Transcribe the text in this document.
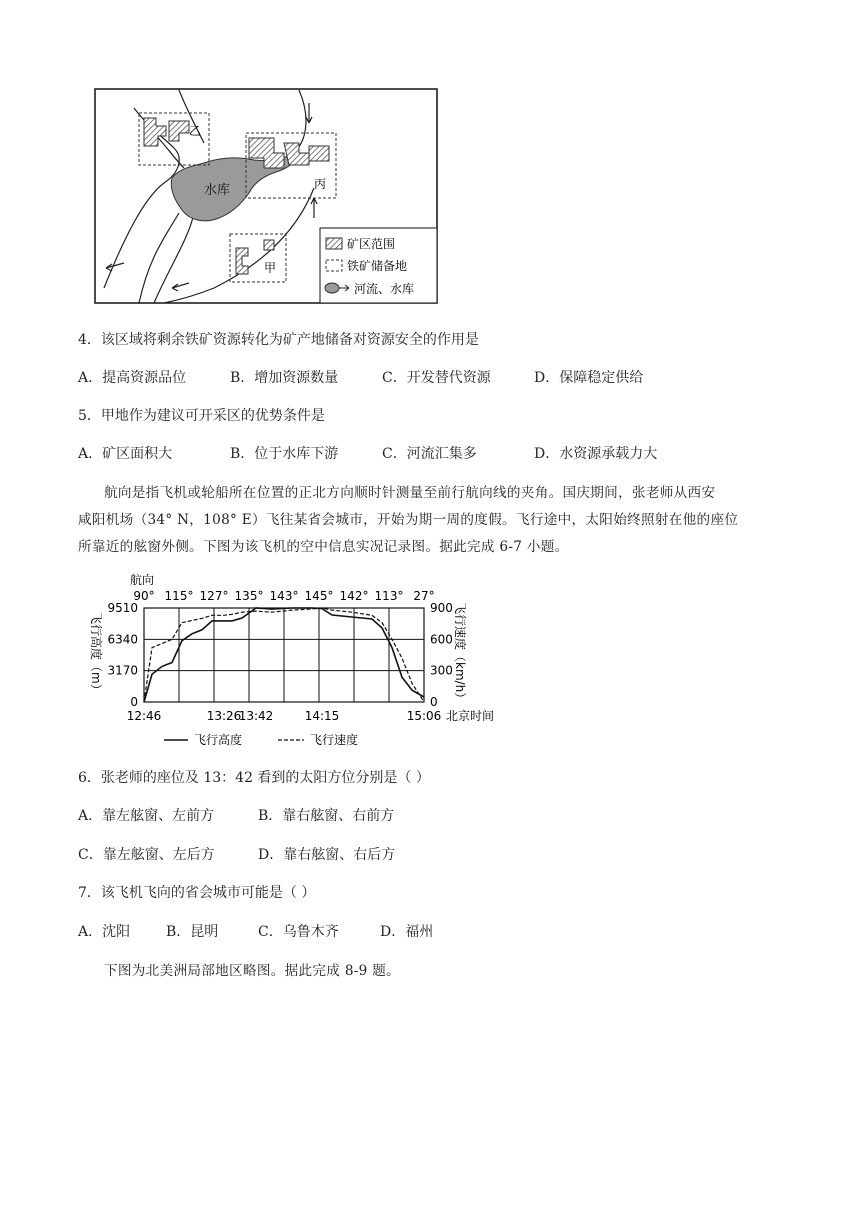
水库
乙
丙
甲
矿区范围
铁矿储备地
河流、水库
4．该区域将剩余铁矿资源转化为矿产地储备对资源安全的作用是
A．提高资源品位	B．增加资源数量	C．开发替代资源	D．保障稳定供给
5．甲地作为建议可开采区的优势条件是
A．矿区面积大	B．位于水库下游	C．河流汇集多	D．水资源承载力大
航向是指飞机或轮船所在位置的正北方向顺时针测量至前行航向线的夹角。国庆期间，张老师从西安
咸阳机场（34° N，108° E）飞往某省会城市，开始为期一周的度假。飞行途中，太阳始终照射在他的座位
所靠近的舷窗外侧。下图为该飞机的空中信息实况记录图。据此完成 6-7 小题。
航向
90° 115° 127° 135° 143° 145° 142° 113° 27°
9510
6340
3170
0
900
600
300
0
12:46	13:26
13:42	14:15	15:06
飞行高度（m）	飞行速度（km/h）
北京时间
飞行高度	飞行速度
6．张老师的座位及 13：42 看到的太阳方位分别是（ ）
A．靠左舷窗、左前方	B．靠右舷窗、右前方
C．靠左舷窗、左后方	D．靠右舷窗、右后方
7．该飞机飞向的省会城市可能是（ ）
A．沈阳	B．昆明	C．乌鲁木齐	D．福州
下图为北美洲局部地区略图。据此完成 8-9 题。
